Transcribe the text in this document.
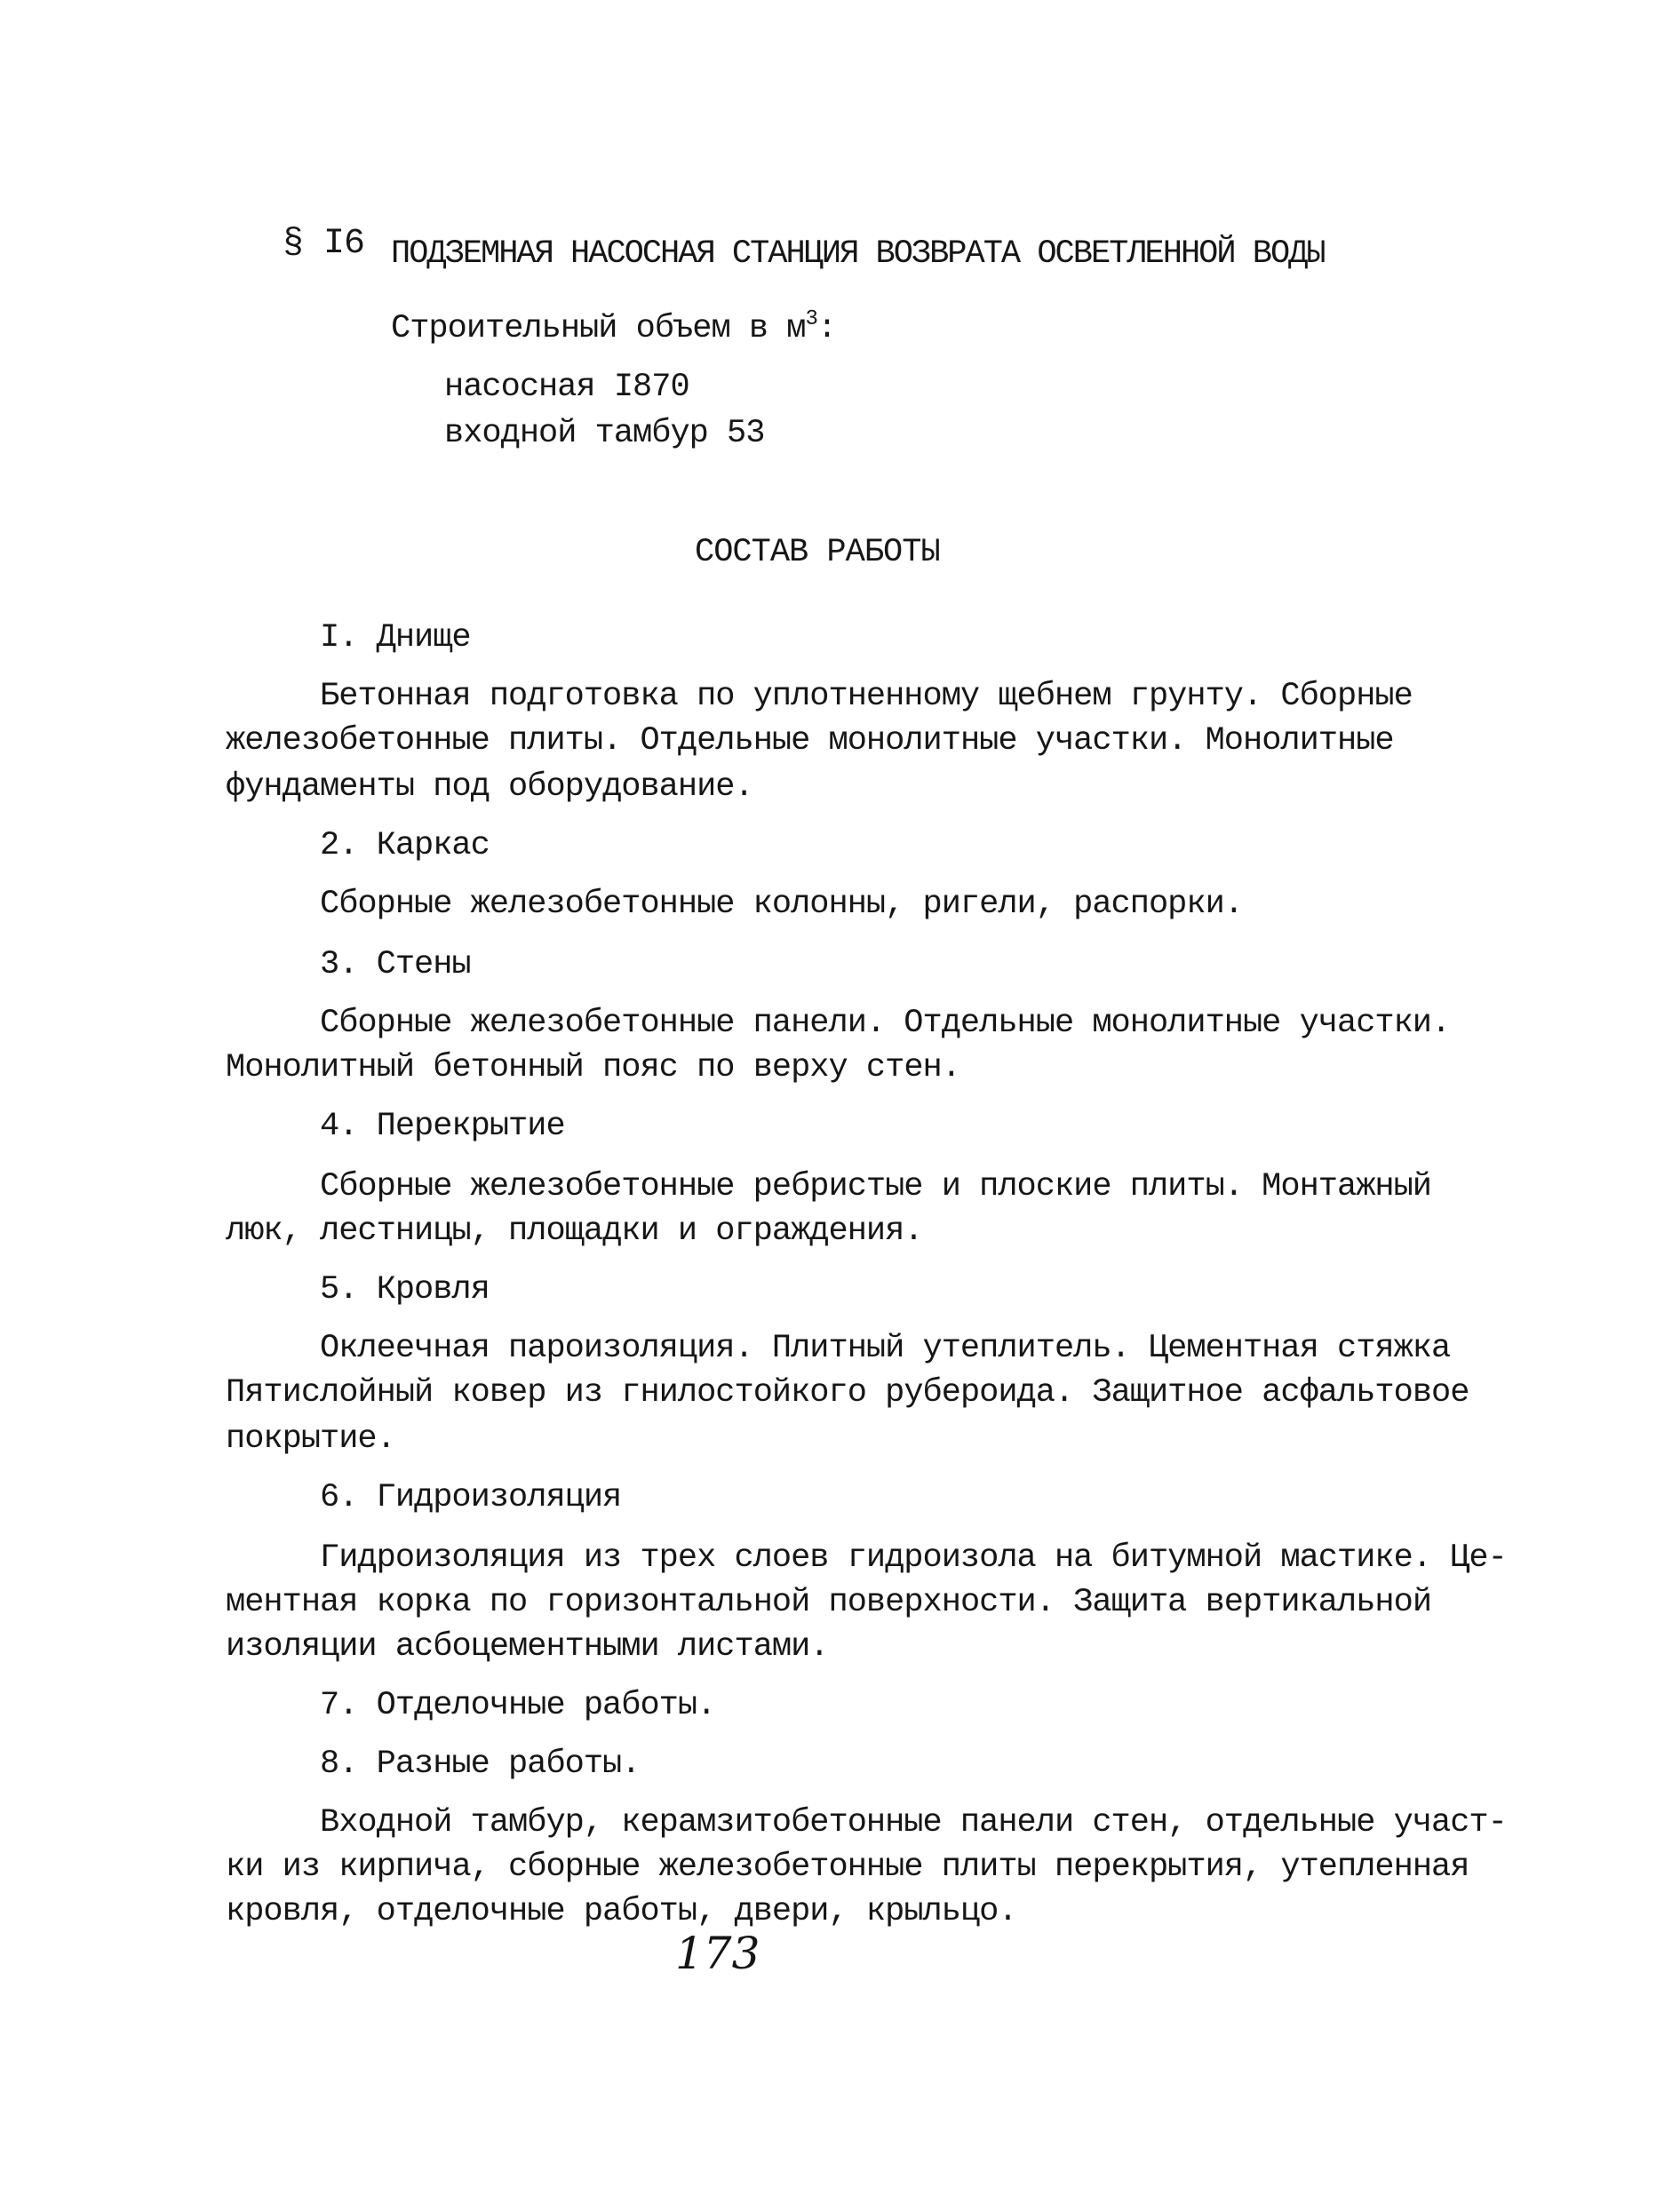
§ I6 ПОДЗЕМНАЯ НАСОСНАЯ СТАНЦИЯ ВОЗВРАТА ОСВЕТЛЕННОЙ ВОДЫ
Строительный объем в $м^3$:
насосная I870
входной тамбур 53
СОСТАВ РАБОТЫ
I. Днище
Бетонная подготовка по уплотненному щебнем грунту. Сборные
железобетонные плиты. Отдельные монолитные участки. Монолитные
фундаменты под оборудование.
2. Каркас
Сборные железобетонные колонны, ригели, распорки.
3. Стены
Сборные железобетонные панели. Отдельные монолитные участки.
Монолитный бетонный пояс по верху стен.
4. Перекрытие
Сборные железобетонные ребристые и плоские плиты. Монтажный
люк, лестницы, площадки и ограждения.
5. Кровля
Оклеечная пароизоляция. Плитный утеплитель. Цементная стяжка
Пятислойный ковер из гнилостойкого рубероида. Защитное асфальтовое
покрытие.
6. Гидроизоляция
Гидроизоляция из трех слоев гидроизола на битумной мастике. Це-
ментная корка по горизонтальной поверхности. Защита вертикальной
изоляции асбоцементными листами.
7. Отделочные работы.
8. Разные работы.
Входной тамбур, керамзитобетонные панели стен, отдельные участ-
ки из кирпича, сборные железобетонные плиты перекрытия, утепленная
кровля, отделочные работы, двери, крыльцо.
173
